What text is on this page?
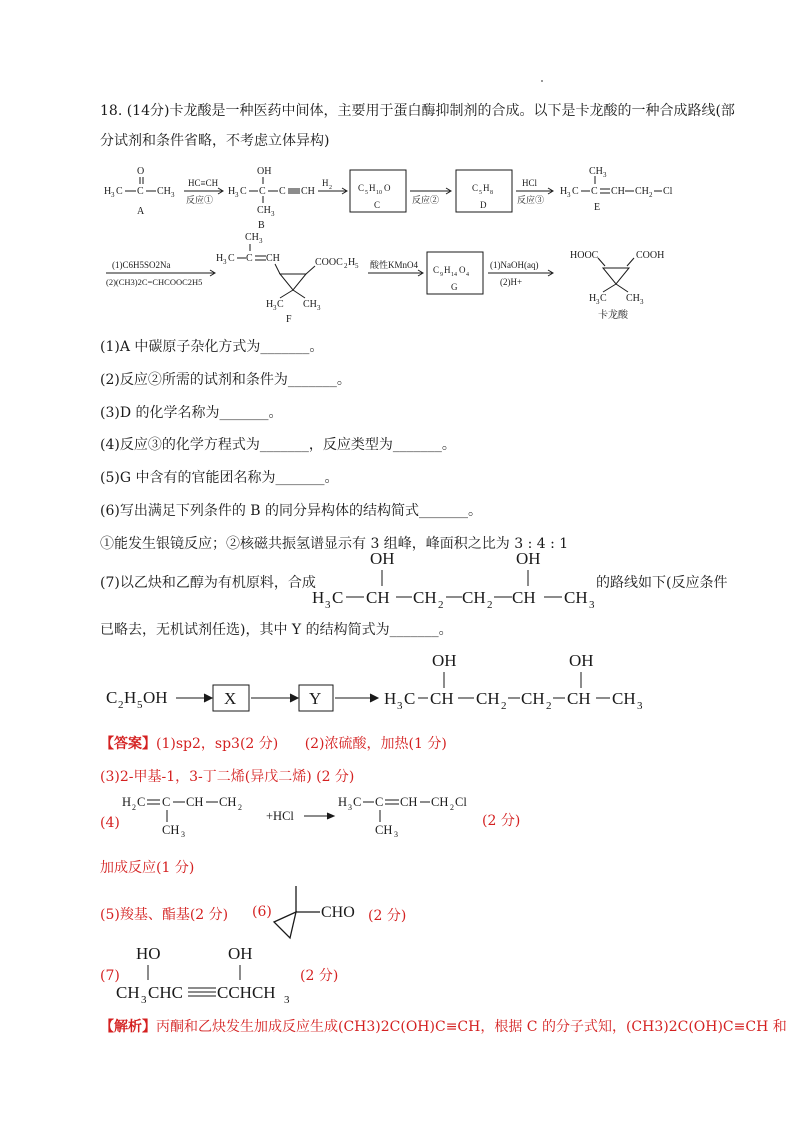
18. (14分)卡龙酸是一种医药中间体，主要用于蛋白酶抑制剂的合成。以下是卡龙酸的一种合成路线(部
分试剂和条件省略，不考虑立体异构)
H 3 C C
O
CH 3
A
HC≡CH
反应①
H 3 C C
OH
CH 3
C CH
B
H 2	C 5 H 10 O
C	反应②
C 5 H 8
D
HCl
反应③
H 3 C C
CH 3
CH CH 2 Cl
E
(1)C6H5SO2Na
(2)(CH3)2C=CHCOOC2H5
CH 3
H 3 C C CH	COOC 2 H 5
H 3 C CH 3
F
酸性KMnO4 C 9 H 14 O 4
G
(1)NaOH(aq)
(2)H+
HOOC	COOH
H 3 C CH 3
卡龙酸
(1)A 中碳原子杂化方式为_______。
(2)反应②所需的试剂和条件为_______。
(3)D 的化学名称为_______。
(4)反应③的化学方程式为_______，反应类型为_______。
(5)G 中含有的官能团名称为_______。
(6)写出满足下列条件的 B 的同分异构体的结构简式_______。
①能发生银镜反应；②核磁共振氢谱显示有 3 组峰，峰面积之比为 3 : 4 : 1
(7)以乙炔和乙醇为有机原料，合成
OH	OH
H 3 C CH CH 2 CH 2 CH CH 3
的路线如下(反应条件
已略去，无机试剂任选)，其中 Y 的结构简式为_______。
C 2 H 5 OH	X	Y
OH	OH
H 3 C CH CH 2 CH 2 CH CH 3
【答案】(1)sp2，sp3(2 分) (2)浓硫酸，加热(1 分)
(3)2-甲基-1，3-丁二烯(异戊二烯) (2 分)
(4)
H 2 C C CH CH 2
CH 3
+HCl
H 3 C C CH CH 2 Cl
CH 3
(2 分)
加成反应(1 分)
(5)羧基、酯基(2 分) (6)	CHO (2 分)
(7)
HO	OH
CH 3 CHC CCHCH 3
(2 分)
【解析】丙酮和乙炔发生加成反应生成(CH3)2C(OH)C≡CH，根据 C 的分子式知，(CH3)2C(OH)C≡CH 和
